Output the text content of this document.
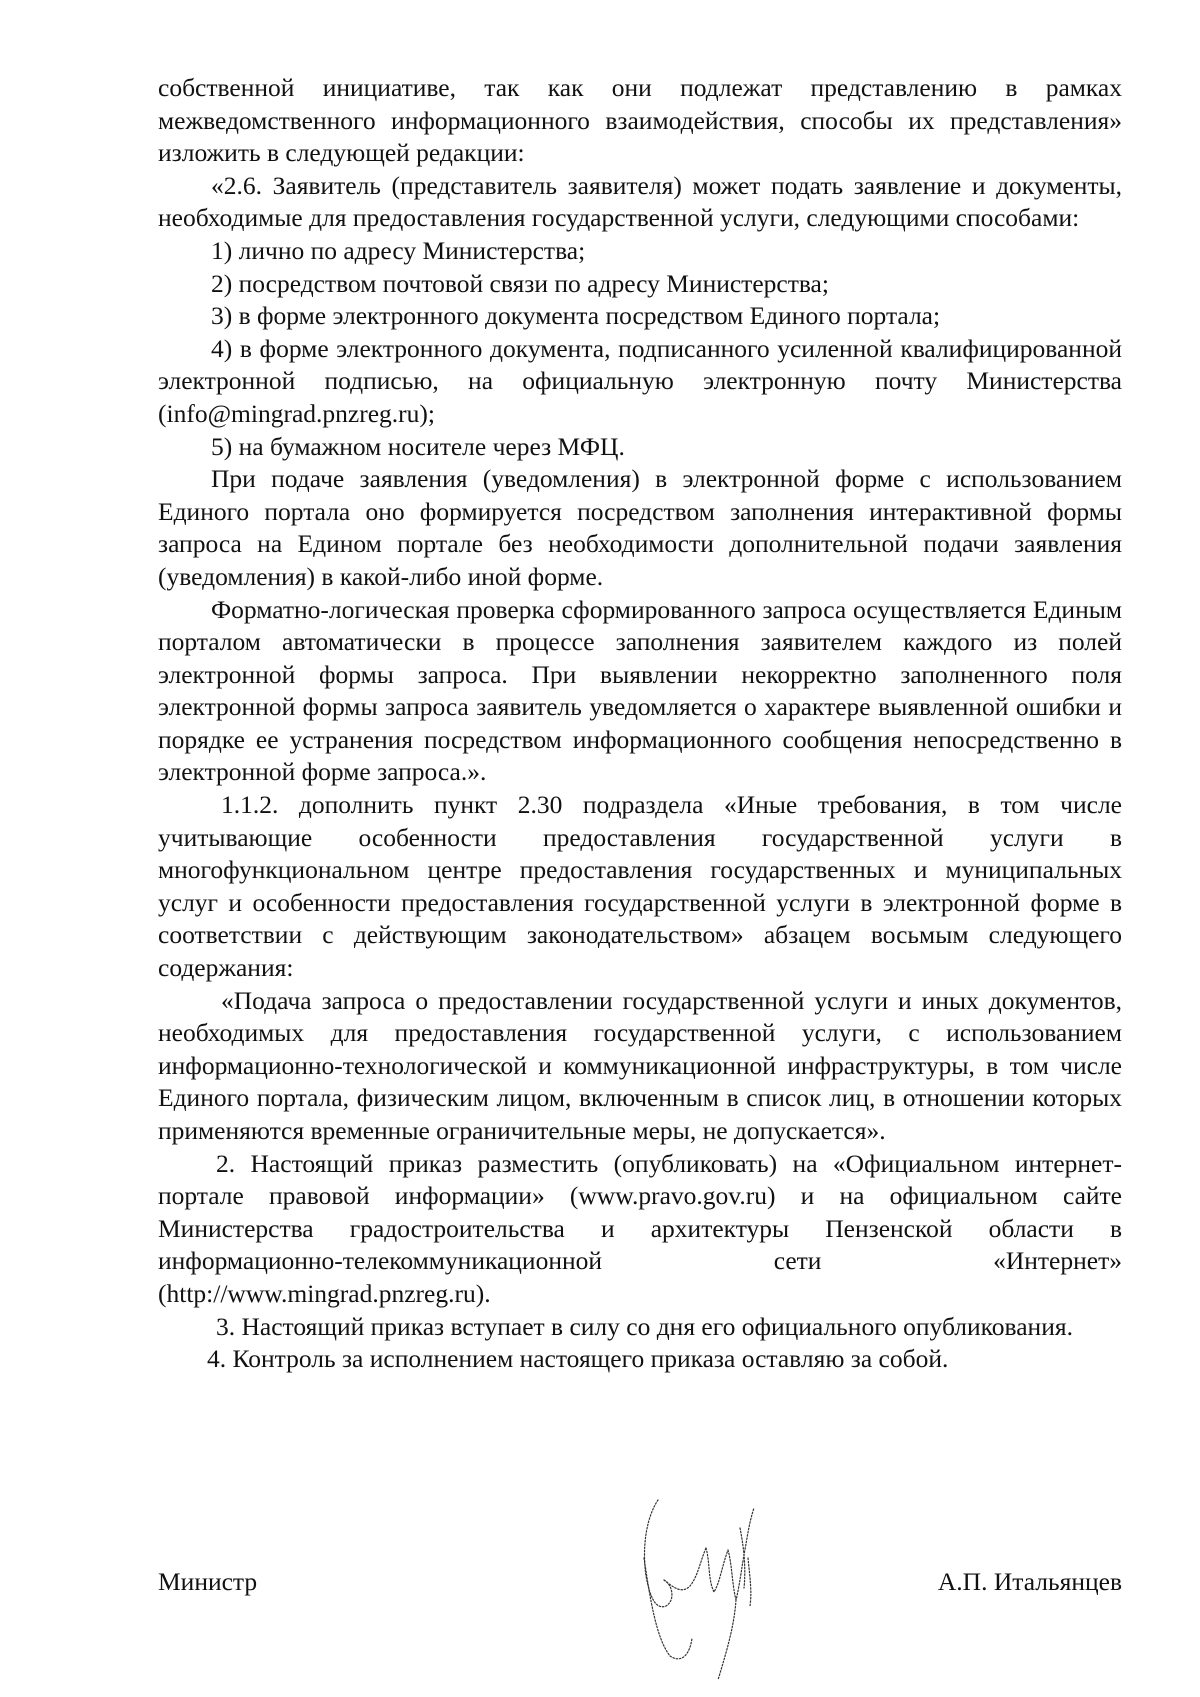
собственной инициативе, так как они подлежат представлению в рамках межведомственного информационного взаимодействия, способы их представления» изложить в следующей редакции:

«2.6. Заявитель (представитель заявителя) может подать заявление и документы, необходимые для предоставления государственной услуги, следующими способами:

1) лично по адресу Министерства;

2) посредством почтовой связи по адресу Министерства;

3) в форме электронного документа посредством Единого портала;

4) в форме электронного документа, подписанного усиленной квалифицированной электронной подписью, на официальную электронную почту Министерства (info@mingrad.pnzreg.ru);

5) на бумажном носителе через МФЦ.

При подаче заявления (уведомления) в электронной форме с использованием Единого портала оно формируется посредством заполнения интерактивной формы запроса на Едином портале без необходимости дополнительной подачи заявления (уведомления) в какой-либо иной форме.

Форматно-логическая проверка сформированного запроса осуществляется Единым порталом автоматически в процессе заполнения заявителем каждого из полей электронной формы запроса. При выявлении некорректно заполненного поля электронной формы запроса заявитель уведомляется о характере выявленной ошибки и порядке ее устранения посредством информационного сообщения непосредственно в электронной форме запроса.».

1.1.2. дополнить пункт 2.30 подраздела «Иные требования, в том числе учитывающие особенности предоставления государственной услуги в многофункциональном центре предоставления государственных и муниципальных услуг и особенности предоставления государственной услуги в электронной форме в соответствии с действующим законодательством» абзацем восьмым следующего содержания:

«Подача запроса о предоставлении государственной услуги и иных документов, необходимых для предоставления государственной услуги, с использованием информационно-технологической и коммуникационной инфраструктуры, в том числе Единого портала, физическим лицом, включенным в список лиц, в отношении которых применяются временные ограничительные меры, не допускается».

2. Настоящий приказ разместить (опубликовать) на «Официальном интернет-портале правовой информации» (www.pravo.gov.ru) и на официальном сайте Министерства градостроительства и архитектуры Пензенской области в информационно-телекоммуникационной сети «Интернет» (http://www.mingrad.pnzreg.ru).

3. Настоящий приказ вступает в силу со дня его официального опубликования.

4. Контроль за исполнением настоящего приказа оставляю за собой.

Министр	А.П. Итальянцев
